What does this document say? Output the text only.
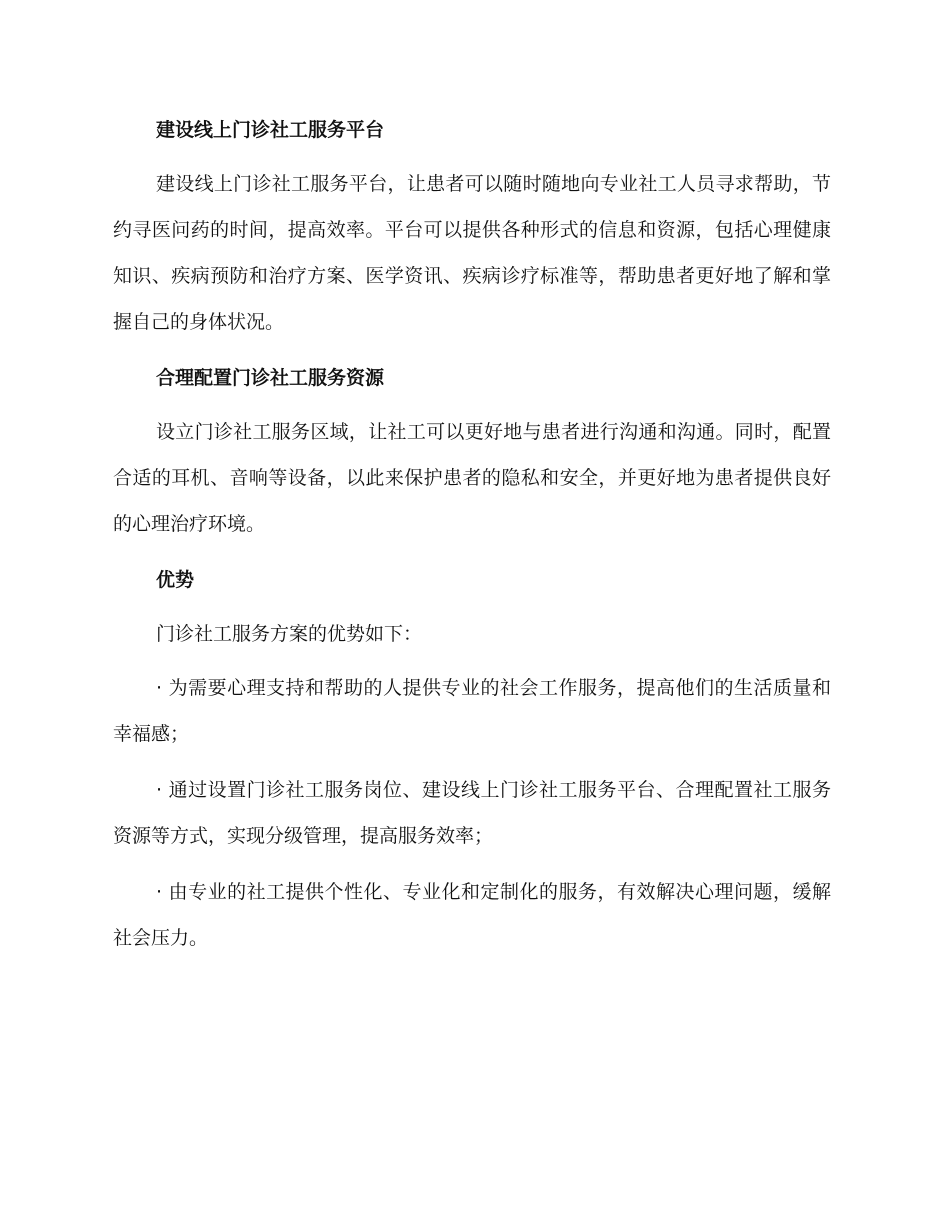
建设线上门诊社工服务平台

建设线上门诊社工服务平台，让患者可以随时随地向专业社工人员寻求帮助，节约寻医问药的时间，提高效率。平台可以提供各种形式的信息和资源，包括心理健康知识、疾病预防和治疗方案、医学资讯、疾病诊疗标准等，帮助患者更好地了解和掌握自己的身体状况。

合理配置门诊社工服务资源

设立门诊社工服务区域，让社工可以更好地与患者进行沟通和沟通。同时，配置合适的耳机、音响等设备，以此来保护患者的隐私和安全，并更好地为患者提供良好的心理治疗环境。

优势

门诊社工服务方案的优势如下：

· 为需要心理支持和帮助的人提供专业的社会工作服务，提高他们的生活质量和幸福感；

· 通过设置门诊社工服务岗位、建设线上门诊社工服务平台、合理配置社工服务资源等方式，实现分级管理，提高服务效率；

· 由专业的社工提供个性化、专业化和定制化的服务，有效解决心理问题，缓解社会压力。
